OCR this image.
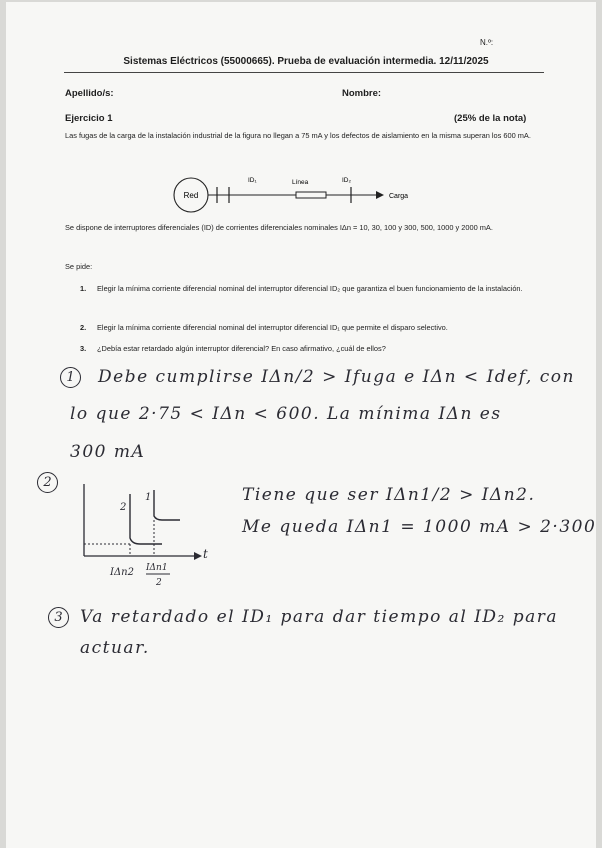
N.º:
Sistemas Eléctricos (55000665). Prueba de evaluación intermedia. 12/11/2025
Apellido/s:	Nombre:
Ejercicio 1	(25% de la nota)
Las fugas de la carga de la instalación industrial de la figura no llegan a 75 mA y los defectos de aislamiento en la misma superan los 600 mA.
Red
ID₁	Línea	ID₂
Carga
Se dispone de interruptores diferenciales (ID) de corrientes diferenciales nominales IΔn = 10, 30, 100 y 300, 500, 1000 y 2000 mA.
Se pide:
1. Elegir la mínima corriente diferencial nominal del interruptor diferencial ID₂ que garantiza el buen funcionamiento de la instalación.
2. Elegir la mínima corriente diferencial nominal del interruptor diferencial ID₁ que permite el disparo selectivo.
3. ¿Debía estar retardado algún interruptor diferencial? En caso afirmativo, ¿cuál de ellos?
1	Debe cumplirse IΔn/2 > Ifuga e IΔn < Idef, con
lo que 2·75 < IΔn < 600. La mínima IΔn es
300 mA
2
t
2
1
IΔn2 IΔn1
2
Tiene que ser IΔn1/2 > IΔn2.
Me queda IΔn1 = 1000 mA > 2·300
3	Va retardado el ID₁ para dar tiempo al ID₂ para
actuar.
